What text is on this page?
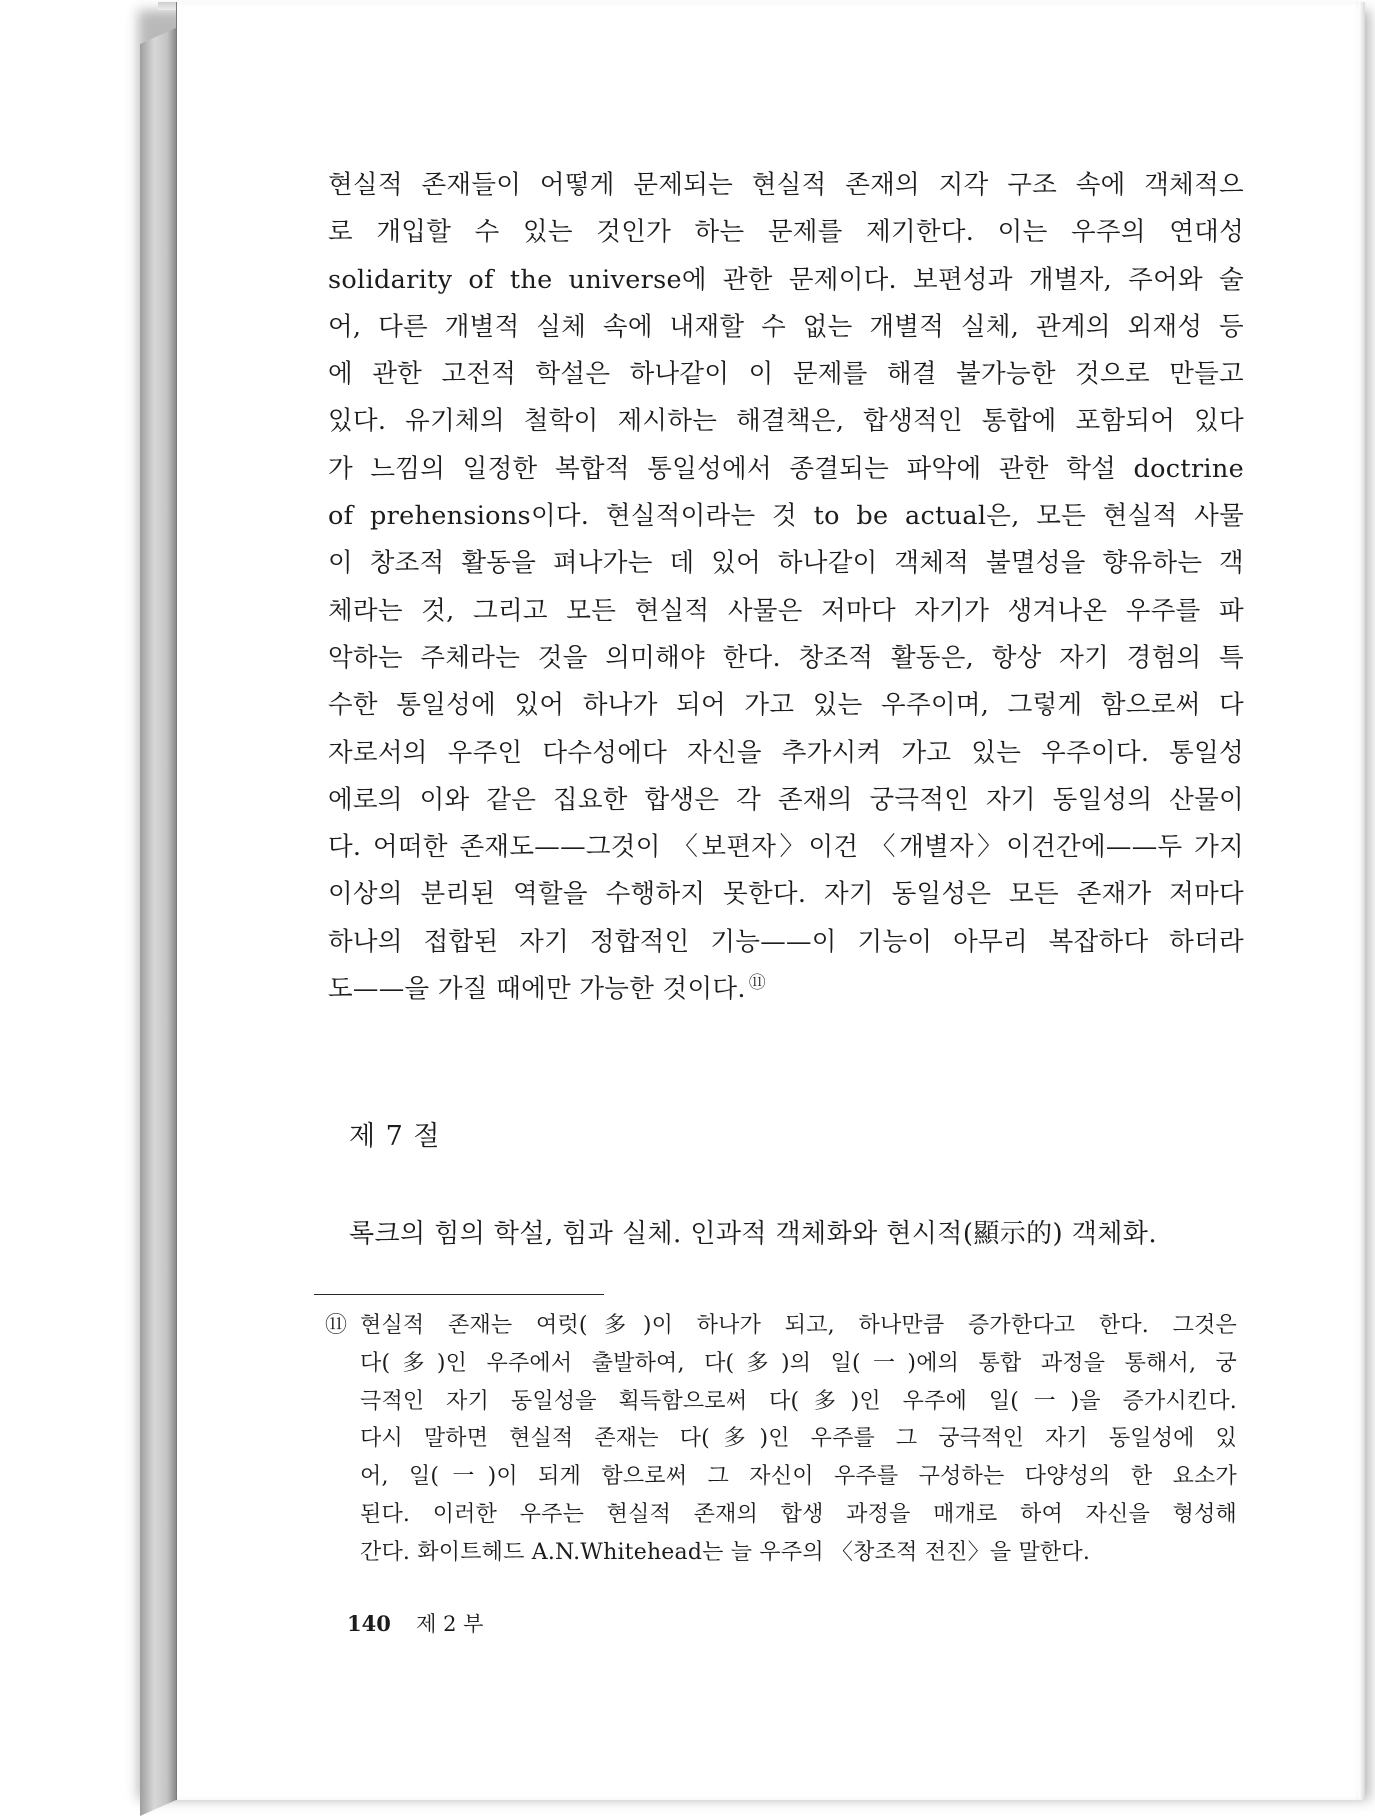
현실적 존재들이 어떻게 문제되는 현실적 존재의 지각 구조 속에 객체적으
로 개입할 수 있는 것인가 하는 문제를 제기한다. 이는 우주의 연대성
solidarity of the universe에 관한 문제이다. 보편성과 개별자, 주어와 술
어, 다른 개별적 실체 속에 내재할 수 없는 개별적 실체, 관계의 외재성 등
에 관한 고전적 학설은 하나같이 이 문제를 해결 불가능한 것으로 만들고
있다. 유기체의 철학이 제시하는 해결책은, 합생적인 통합에 포함되어 있다
가 느낌의 일정한 복합적 통일성에서 종결되는 파악에 관한 학설 doctrine
of prehensions이다. 현실적이라는 것 to be actual은, 모든 현실적 사물
이 창조적 활동을 펴나가는 데 있어 하나같이 객체적 불멸성을 향유하는 객
체라는 것, 그리고 모든 현실적 사물은 저마다 자기가 생겨나온 우주를 파
악하는 주체라는 것을 의미해야 한다. 창조적 활동은, 항상 자기 경험의 특
수한 통일성에 있어 하나가 되어 가고 있는 우주이며, 그렇게 함으로써 다
자로서의 우주인 다수성에다 자신을 추가시켜 가고 있는 우주이다. 통일성
에로의 이와 같은 집요한 합생은 각 존재의 궁극적인 자기 동일성의 산물이
다. 어떠한 존재도——그것이 〈보편자〉이건 〈개별자〉이건간에——두 가지
이상의 분리된 역할을 수행하지 못한다. 자기 동일성은 모든 존재가 저마다
하나의 접합된 자기 정합적인 기능——이 기능이 아무리 복잡하다 하더라
도——을 가질 때에만 가능한 것이다. ⑪
제 7 절
록크의 힘의 학설, 힘과 실체. 인과적 객체화와 현시적(顯示的) 객체화.
⑪ 현실적 존재는 여럿(多)이 하나가 되고, 하나만큼 증가한다고 한다. 그것은
다(多)인 우주에서 출발하여, 다(多)의 일(一)에의 통합 과정을 통해서, 궁
극적인 자기 동일성을 획득함으로써 다(多)인 우주에 일(一)을 증가시킨다.
다시 말하면 현실적 존재는 다(多)인 우주를 그 궁극적인 자기 동일성에 있
어, 일(一)이 되게 함으로써 그 자신이 우주를 구성하는 다양성의 한 요소가
된다. 이러한 우주는 현실적 존재의 합생 과정을 매개로 하여 자신을 형성해
간다. 화이트헤드 A.N.Whitehead는 늘 우주의 〈창조적 전진〉을 말한다.
140 제 2 부
